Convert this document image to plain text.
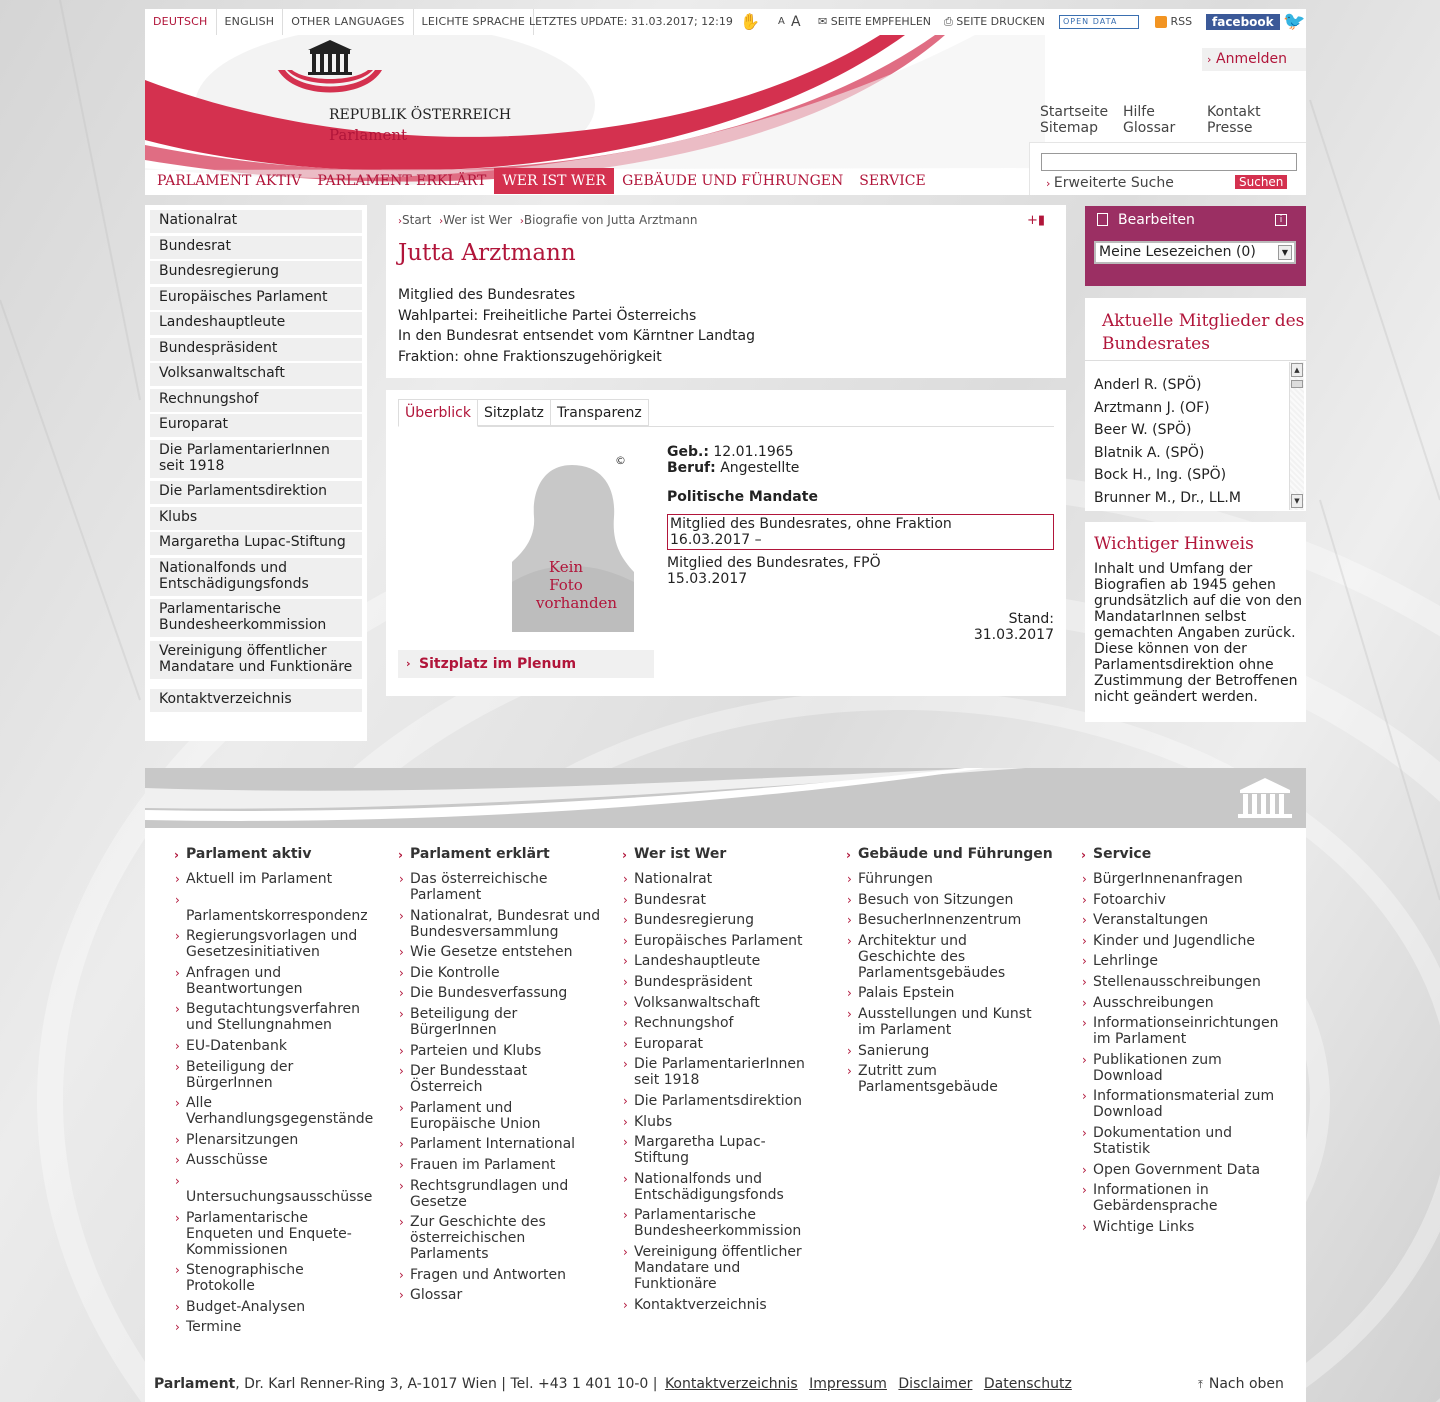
DEUTSCH	ENGLISH	OTHER LANGUAGES	LEICHTE SPRACHE LETZTES UPDATE: 31.03.2017; 12:19 ✋ A A ✉ SEITE EMPFEHLEN ⎙ SEITE DRUCKEN	OPEN DATA	RSS	facebook 🐦
REPUBLIK ÖSTERREICH
Parlament
› Anmelden
Startseite Hilfe	Kontakt
Sitemap Glossar Presse
› Erweiterte Suche	Suchen
PARLAMENT AKTIV	PARLAMENT ERKLÄRT	WER IST WER	GEBÄUDE UND FÜHRUNGEN	SERVICE
Nationalrat
Bundesrat
Bundesregierung
Europäisches Parlament
Landeshauptleute
Bundespräsident
Volksanwaltschaft
Rechnungshof
Europarat
Die ParlamentarierInnen seit 1918
Die Parlamentsdirektion
Klubs
Margaretha Lupac-Stiftung
Nationalfonds und Entschädigungsfonds
Parlamentarische Bundesheerkommission
Vereinigung öffentlicher Mandatare und Funktionäre
Kontaktverzeichnis
›Start ›Wer ist Wer ›Biografie von Jutta Arztmann	+▮
Jutta Arztmann
Mitglied des Bundesrates
Wahlpartei: Freiheitliche Partei Österreichs
In den Bundesrat entsendet vom Kärntner Landtag
Fraktion: ohne Fraktionszugehörigkeit
Überblick Sitzplatz Transparenz
©
Kein
Foto
vorhanden
Geb.: 12.01.1965
Beruf: Angestellte
Politische Mandate
Mitglied des Bundesrates, ohne Fraktion
16.03.2017 –
Mitglied des Bundesrates, FPÖ
15.03.2017
Stand: 31.03.2017
› Sitzplatz im Plenum
Bearbeiten	i
Meine Lesezeichen (0)	▼
Aktuelle Mitglieder des
Bundesrates
Anderl R. (SPÖ)
Arztmann J. (OF)
Beer W. (SPÖ)
Blatnik A. (SPÖ)
Bock H., Ing. (SPÖ)
Brunner M., Dr., LL.M
▲
▼
Wichtiger Hinweis
Inhalt und Umfang der
Biografien ab 1945 gehen
grundsätzlich auf die von den
MandatarInnen selbst
gemachten Angaben zurück.
Diese können von der
Parlamentsdirektion ohne
Zustimmung der Betroffenen
nicht geändert werden.
Parlament aktiv
› Aktuell im Parlament
›
Parlamentskorrespondenz
› Regierungsvorlagen und
Gesetzesinitiativen
› Anfragen und
Beantwortungen
› Begutachtungsverfahren
und Stellungnahmen
› EU-Datenbank
› Beteiligung der
BürgerInnen
› Alle
Verhandlungsgegenstände
› Plenarsitzungen
› Ausschüsse
›
Untersuchungsausschüsse
› Parlamentarische
Enqueten und Enquete-
Kommissionen
› Stenographische
Protokolle
› Budget-Analysen
› Termine
›	Parlament erklärt
› Das österreichische
Parlament
› Nationalrat, Bundesrat und
Bundesversammlung
› Wie Gesetze entstehen
› Die Kontrolle
› Die Bundesverfassung
› Beteiligung der
BürgerInnen
› Parteien und Klubs
› Der Bundesstaat
Österreich
› Parlament und
Europäische Union
› Parlament International
› Frauen im Parlament
› Rechtsgrundlagen und
Gesetze
› Zur Geschichte des
österreichischen
Parlaments
› Fragen und Antworten
› Glossar
›	Wer ist Wer
› Nationalrat
› Bundesrat
› Bundesregierung
› Europäisches Parlament
› Landeshauptleute
› Bundespräsident
› Volksanwaltschaft
› Rechnungshof
› Europarat
› Die ParlamentarierInnen
seit 1918
› Die Parlamentsdirektion
› Klubs
› Margaretha Lupac-
Stiftung
› Nationalfonds und
Entschädigungsfonds
› Parlamentarische
Bundesheerkommission
› Vereinigung öffentlicher
Mandatare und
Funktionäre
› Kontaktverzeichnis
›	Gebäude und Führungen
› Führungen
› Besuch von Sitzungen
› BesucherInnenzentrum
› Architektur und
Geschichte des
Parlamentsgebäudes
› Palais Epstein
› Ausstellungen und Kunst
im Parlament
› Sanierung
› Zutritt zum
Parlamentsgebäude
›	Service
› BürgerInnenanfragen
› Fotoarchiv
› Veranstaltungen
› Kinder und Jugendliche
› Lehrlinge
› Stellenausschreibungen
› Ausschreibungen
› Informationseinrichtungen
im Parlament
› Publikationen zum
Download
› Informationsmaterial zum
Download
› Dokumentation und
Statistik
› Open Government Data
› Informationen in
Gebärdensprache
› Wichtige Links
›
Parlament, Dr. Karl Renner-Ring 3, A-1017 Wien | Tel. +43 1 401 10-0 | Kontaktverzeichnis Impressum Disclaimer Datenschutz	⤒ Nach oben
